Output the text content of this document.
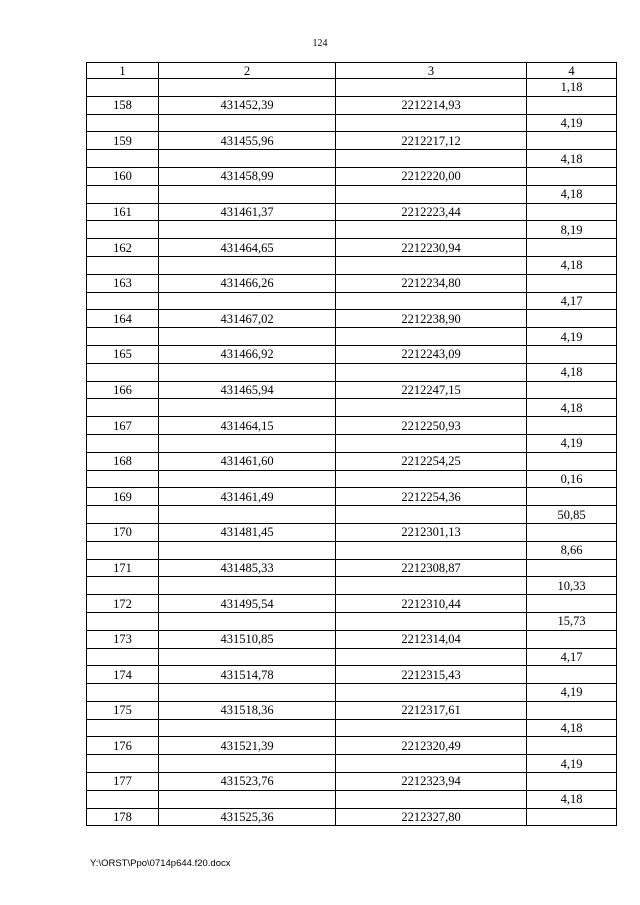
124
1	2	3	4
			1,18
158	431452,39	2212214,93	
			4,19
159	431455,96	2212217,12	
			4,18
160	431458,99	2212220,00	
			4,18
161	431461,37	2212223,44	
			8,19
162	431464,65	2212230,94	
			4,18
163	431466,26	2212234,80	
			4,17
164	431467,02	2212238,90	
			4,19
165	431466,92	2212243,09	
			4,18
166	431465,94	2212247,15	
			4,18
167	431464,15	2212250,93	
			4,19
168	431461,60	2212254,25	
			0,16
169	431461,49	2212254,36	
			50,85
170	431481,45	2212301,13	
			8,66
171	431485,33	2212308,87	
			10,33
172	431495,54	2212310,44	
			15,73
173	431510,85	2212314,04	
			4,17
174	431514,78	2212315,43	
			4,19
175	431518,36	2212317,61	
			4,18
176	431521,39	2212320,49	
			4,19
177	431523,76	2212323,94	
			4,18
178	431525,36	2212327,80	
Y:\ORST\Ppo\0714p644.f20.docx
